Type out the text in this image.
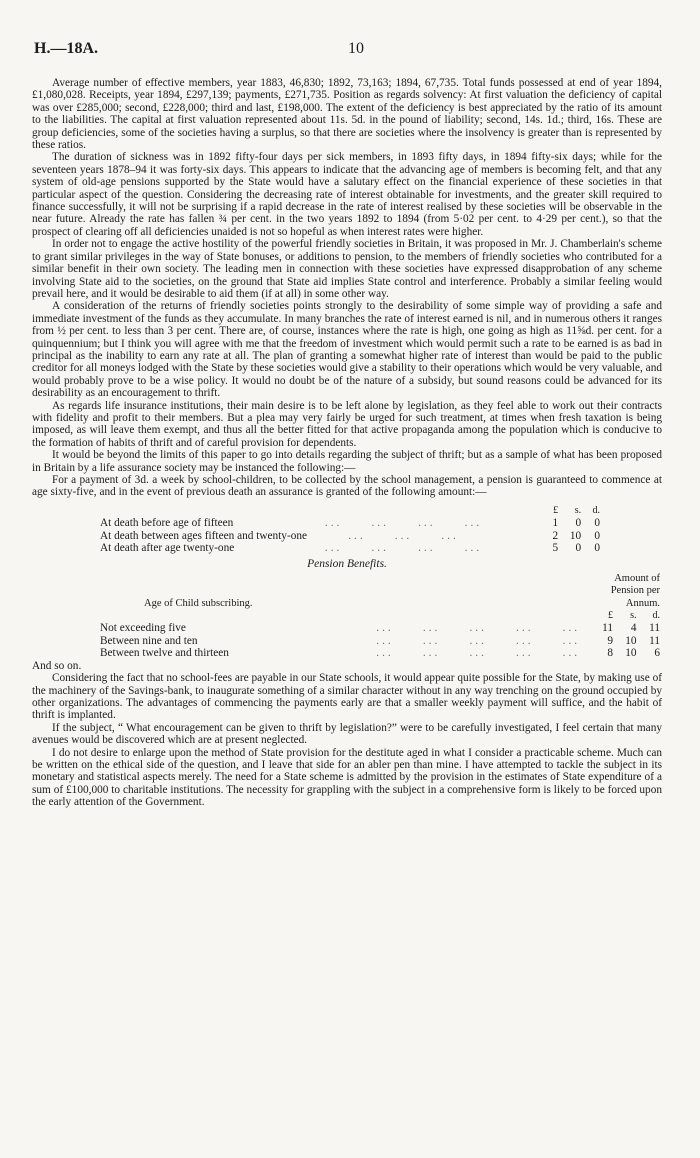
H.—18A.	10

Average number of effective members, year 1883, 46,830; 1892, 73,163; 1894, 67,735. Total funds possessed at end of year 1894, £1,080,028. Receipts, year 1894, £297,139; payments, £271,735. Position as regards solvency: At first valuation the deficiency of capital was over £285,000; second, £228,000; third and last, £198,000. The extent of the deficiency is best appreciated by the ratio of its amount to the liabilities. The capital at first valuation represented about 11s. 5d. in the pound of liability; second, 14s. 1d.; third, 16s. These are group deficiencies, some of the societies having a surplus, so that there are societies where the insolvency is greater than is represented by these ratios.

The duration of sickness was in 1892 fifty-four days per sick members, in 1893 fifty days, in 1894 fifty-six days; while for the seventeen years 1878–94 it was forty-six days. This appears to indicate that the advancing age of members is becoming felt, and that any system of old-age pensions supported by the State would have a salutary effect on the financial experience of these societies in that particular aspect of the question. Considering the decreasing rate of interest obtainable for investments, and the greater skill required to finance successfully, it will not be surprising if a rapid decrease in the rate of interest realised by these societies will be observable in the near future. Already the rate has fallen ¾ per cent. in the two years 1892 to 1894 (from 5·02 per cent. to 4·29 per cent.), so that the prospect of clearing off all deficiencies unaided is not so hopeful as when interest rates were higher.

In order not to engage the active hostility of the powerful friendly societies in Britain, it was proposed in Mr. J. Chamberlain's scheme to grant similar privileges in the way of State bonuses, or additions to pension, to the members of friendly societies who contributed for a similar benefit in their own society. The leading men in connection with these societies have expressed disapprobation of any scheme involving State aid to the societies, on the ground that State aid implies State control and interference. Probably a similar feeling would prevail here, and it would be desirable to aid them (if at all) in some other way.

A consideration of the returns of friendly societies points strongly to the desirability of some simple way of providing a safe and immediate investment of the funds as they accumulate. In many branches the rate of interest earned is nil, and in numerous others it ranges from ½ per cent. to less than 3 per cent. There are, of course, instances where the rate is high, one going as high as 11⅝d. per cent. for a quinquennium; but I think you will agree with me that the freedom of investment which would permit such a rate to be earned is as bad in principal as the inability to earn any rate at all. The plan of granting a somewhat higher rate of interest than would be paid to the public creditor for all moneys lodged with the State by these societies would give a stability to their operations which would be very valuable, and would probably prove to be a wise policy. It would no doubt be of the nature of a subsidy, but sound reasons could be advanced for its desirability as an encouragement to thrift.

As regards life insurance institutions, their main desire is to be left alone by legislation, as they feel able to work out their contracts with fidelity and profit to their members. But a plea may very fairly be urged for such treatment, at times when fresh taxation is being imposed, as will leave them exempt, and thus all the better fitted for that active propaganda among the population which is conducive to the formation of habits of thrift and of careful provision for dependents.

It would be beyond the limits of this paper to go into details regarding the subject of thrift; but as a sample of what has been proposed in Britain by a life assurance society may be instanced the following:—

For a payment of 3d. a week by school-children, to be collected by the school management, a pension is guaranteed to commence at age sixty-five, and in the event of previous death an assurance is granted of the following amount:—

		£	s.	d.
At death before age of fifteen	...     ...     ...     ...	1	0	0
At death between ages fifteen and twenty-one	...     ...     ...	2	10	0
At death after age twenty-one	...     ...     ...     ...	5	0	0
Pension Benefits.
Age of Child subscribing.		Amount of Pension per Annum.		
		£	s.	d.
Not exceeding five	...     ...     ...     ...     ...	11	4	11
Between nine and ten	...     ...     ...     ...     ...	9	10	11
Between twelve and thirteen	...     ...     ...     ...     ...	8	10	6

And so on.

Considering the fact that no school-fees are payable in our State schools, it would appear quite possible for the State, by making use of the machinery of the Savings-bank, to inaugurate something of a similar character without in any way trenching on the ground occupied by other organizations. The advantages of commencing the payments early are that a smaller weekly payment will suffice, and the habit of thrift is implanted.

If the subject, “ What encouragement can be given to thrift by legislation?” were to be carefully investigated, I feel certain that many avenues would be discovered which are at present neglected.

I do not desire to enlarge upon the method of State provision for the destitute aged in what I consider a practicable scheme. Much can be written on the ethical side of the question, and I leave that side for an abler pen than mine. I have attempted to tackle the subject in its monetary and statistical aspects merely. The need for a State scheme is admitted by the provision in the estimates of State expenditure of a sum of £100,000 to charitable institutions. The necessity for grappling with the subject in a comprehensive form is likely to be forced upon the early attention of the Government.
